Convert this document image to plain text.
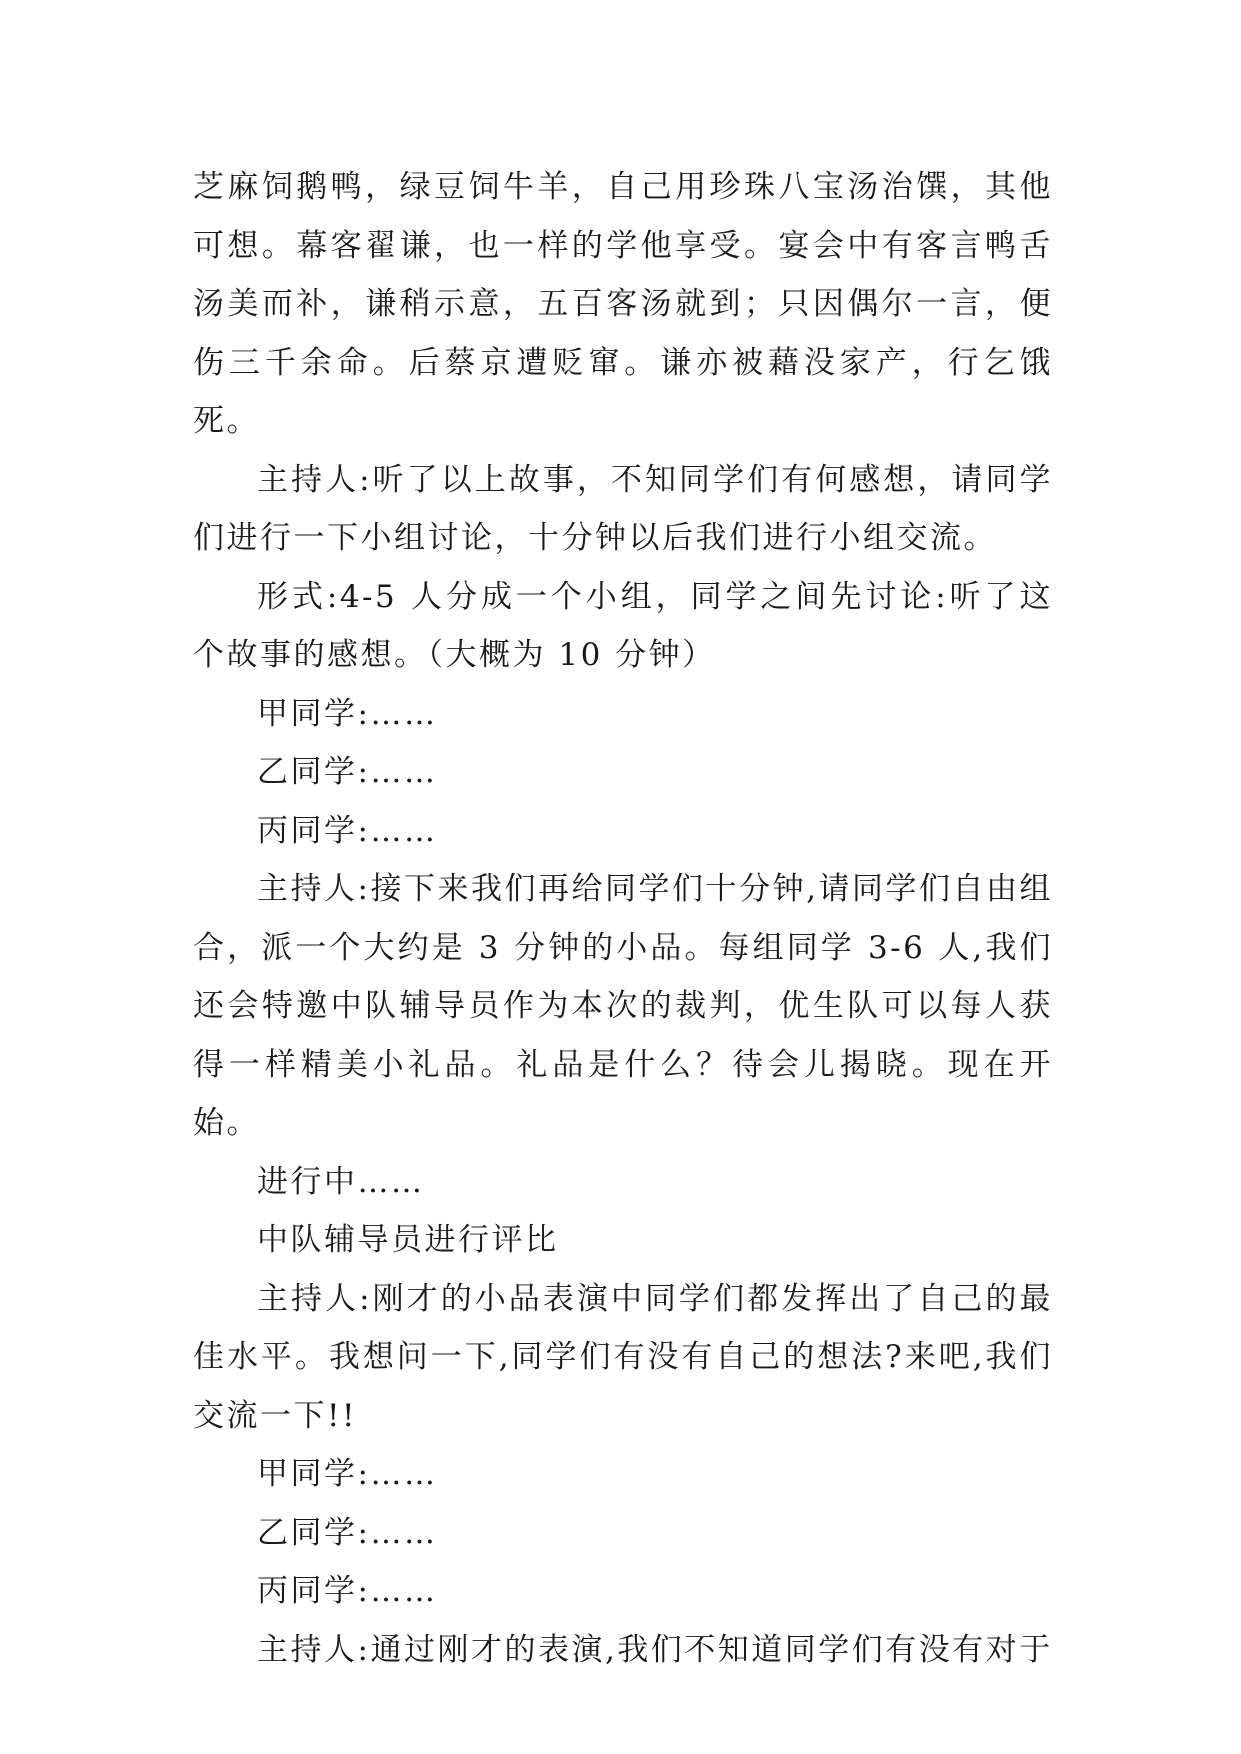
芝麻饲鹅鸭，绿豆饲牛羊，自己用珍珠八宝汤治馔，其他可想。幕客翟谦，也一样的学他享受。宴会中有客言鸭舌汤美而补，谦稍示意，五百客汤就到；只因偶尔一言，便伤三千余命。后蔡京遭贬窜。谦亦被藉没家产，行乞饿死。

主持人:听了以上故事，不知同学们有何感想，请同学们进行一下小组讨论，十分钟以后我们进行小组交流。

形式:4-5 人分成一个小组，同学之间先讨论:听了这个故事的感想。（大概为 10 分钟）

甲同学:……

乙同学:……

丙同学:……

主持人:接下来我们再给同学们十分钟,请同学们自由组合，派一个大约是 3 分钟的小品。每组同学 3-6 人,我们还会特邀中队辅导员作为本次的裁判，优生队可以每人获得一样精美小礼品。礼品是什么？待会儿揭晓。现在开始。

进行中……

中队辅导员进行评比

主持人:刚才的小品表演中同学们都发挥出了自己的最佳水平。我想问一下,同学们有没有自己的想法?来吧,我们交流一下!!

甲同学:……

乙同学:……

丙同学:……

主持人:通过刚才的表演,我们不知道同学们有没有对于
